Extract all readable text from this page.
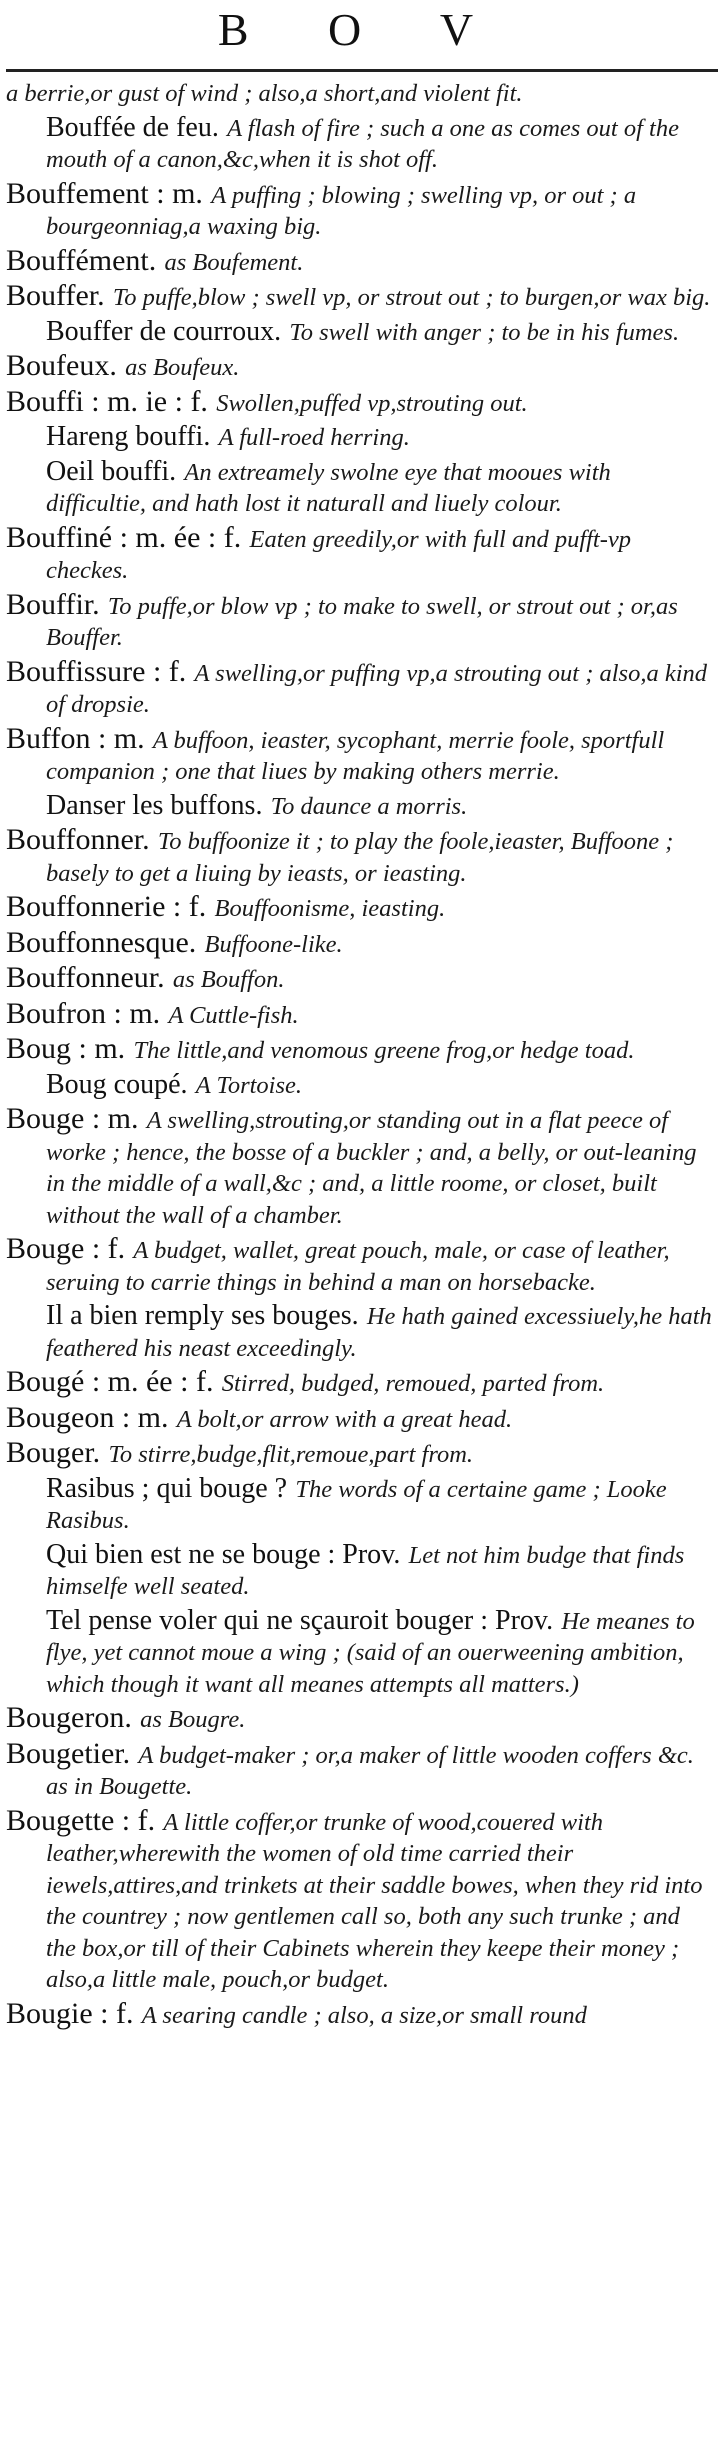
B O V
a berrie,or gust of wind ; also,a short,and violent fit.
Bouffée de feu. A flash of fire ; such a one as comes out of the mouth of a canon,&c,when it is shot off.
Bouffement : m. A puffing ; blowing ; swelling vp, or out ; a bourgeonniag,a waxing big.
Bouffément. as Boufement.
Bouffer. To puffe,blow ; swell vp, or strout out ; to burgen,or wax big.
Bouffer de courroux. To swell with anger ; to be in his fumes.
Boufeux. as Boufeux.
Bouffi : m. ie : f. Swollen,puffed vp,strouting out.
Hareng bouffi. A full-roed herring.
Oeil bouffi. An extreamely swolne eye that mooues with difficultie, and hath lost it naturall and liuely colour.
Bouffiné : m. ée : f. Eaten greedily,or with full and pufft-vp checkes.
Bouffir. To puffe,or blow vp ; to make to swell, or strout out ; or,as Bouffer.
Bouffissure : f. A swelling,or puffing vp,a strouting out ; also,a kind of dropsie.
Buffon : m. A buffoon, ieaster, sycophant, merrie foole, sportfull companion ; one that liues by making others merrie.
Danser les buffons. To daunce a morris.
Bouffonner. To buffoonize it ; to play the foole,ieaster, Buffoone ; basely to get a liuing by ieasts, or ieasting.
Bouffonnerie : f. Bouffoonisme, ieasting.
Bouffonnesque. Buffoone-like.
Bouffonneur. as Bouffon.
Boufron : m. A Cuttle-fish.
Boug : m. The little,and venomous greene frog,or hedge toad.
Boug coupé. A Tortoise.
Bouge : m. A swelling,strouting,or standing out in a flat peece of worke ; hence, the bosse of a buckler ; and, a belly, or out-leaning in the middle of a wall,&c ; and, a little roome, or closet, built without the wall of a chamber.
Bouge : f. A budget, wallet, great pouch, male, or case of leather, seruing to carrie things in behind a man on horsebacke.
Il a bien remply ses bouges. He hath gained excessiuely,he hath feathered his neast exceedingly.
Bougé : m. ée : f. Stirred, budged, remoued, parted from.
Bougeon : m. A bolt,or arrow with a great head.
Bouger. To stirre,budge,flit,remoue,part from.
Rasibus ; qui bouge ? The words of a certaine game ; Looke Rasibus.
Qui bien est ne se bouge : Prov. Let not him budge that finds himselfe well seated.
Tel pense voler qui ne sçauroit bouger : Prov. He meanes to flye, yet cannot moue a wing ; (said of an ouerweening ambition, which though it want all meanes attempts all matters.)
Bougeron. as Bougre.
Bougetier. A budget-maker ; or,a maker of little wooden coffers &c. as in Bougette.
Bougette : f. A little coffer,or trunke of wood,couered with leather,wherewith the women of old time carried their iewels,attires,and trinkets at their saddle bowes, when they rid into the countrey ; now gentlemen call so, both any such trunke ; and the box,or till of their Cabinets wherein they keepe their money ; also,a little male, pouch,or budget.
Bougie : f. A searing candle ; also, a size,or small round
